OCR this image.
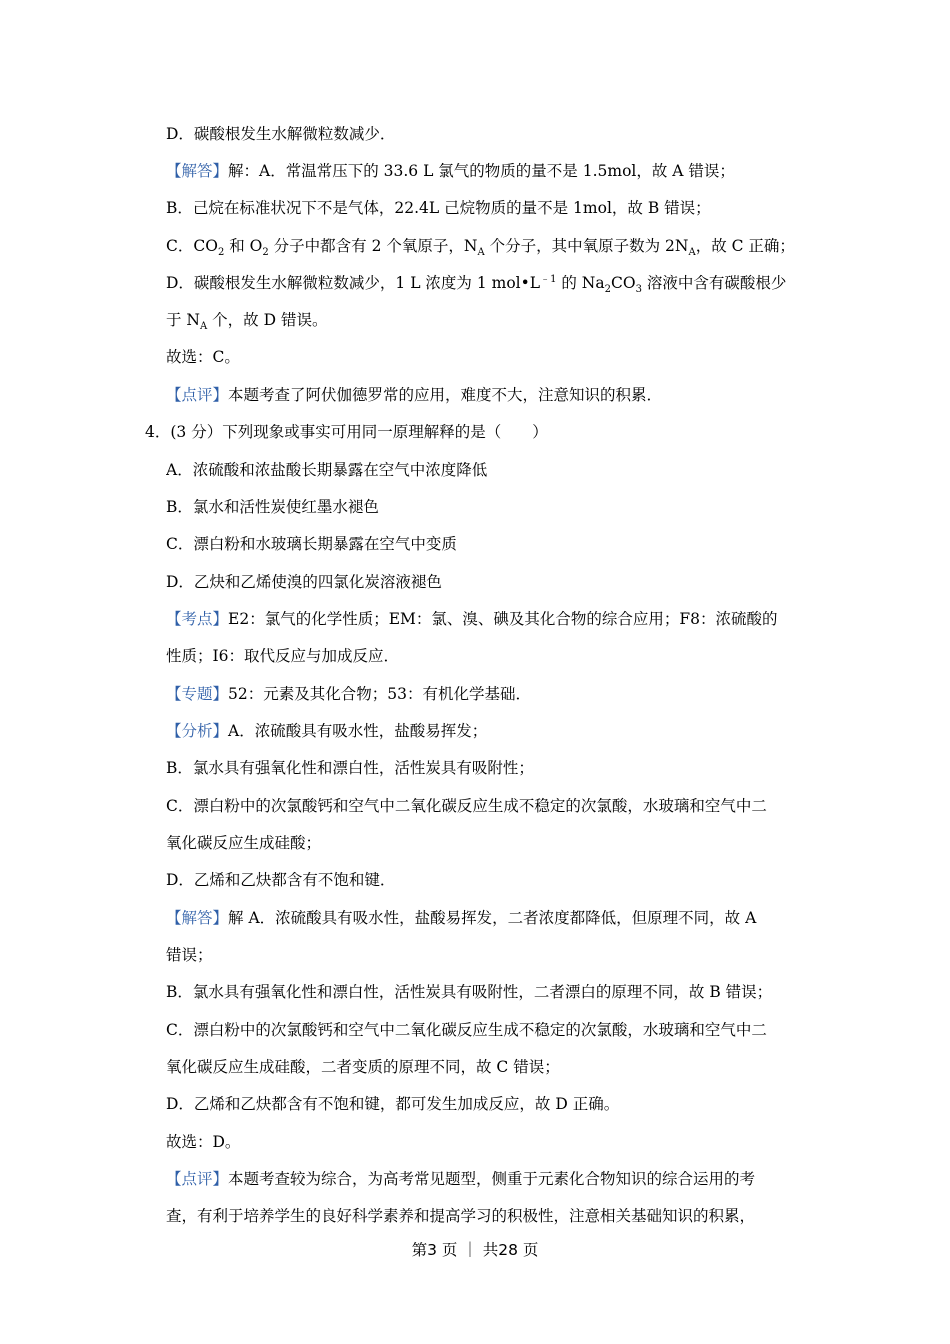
D．碳酸根发生水解微粒数减少．
【解答】解：A．常温常压下的 33.6 L 氯气的物质的量不是 1.5mol，故 A 错误；
B．己烷在标准状况下不是气体，22.4L 己烷物质的量不是 1mol，故 B 错误；
C．$CO_2$ 和 $O_2$ 分子中都含有 2 个氧原子，$N_A$ 个分子，其中氧原子数为 $2N_A$，故 C 正确；
D．碳酸根发生水解微粒数减少，1 L 浓度为 1 $mol•L^{﹣1}$ 的 $Na_2CO_3$ 溶液中含有碳酸根少
于 $N_A$ 个，故 D 错误。
故选：C。
【点评】本题考查了阿伏伽德罗常的应用，难度不大，注意知识的积累．
4．(3 分）下列现象或事实可用同一原理解释的是（　　）
A．浓硫酸和浓盐酸长期暴露在空气中浓度降低
B．氯水和活性炭使红墨水褪色
C．漂白粉和水玻璃长期暴露在空气中变质
D．乙炔和乙烯使溴的四氯化炭溶液褪色
【考点】E2：氯气的化学性质；EM：氯、溴、碘及其化合物的综合应用；F8：浓硫酸的
性质；I6：取代反应与加成反应．
【专题】52：元素及其化合物；53：有机化学基础．
【分析】A．浓硫酸具有吸水性，盐酸易挥发；
B．氯水具有强氧化性和漂白性，活性炭具有吸附性；
C．漂白粉中的次氯酸钙和空气中二氧化碳反应生成不稳定的次氯酸，水玻璃和空气中二
氧化碳反应生成硅酸；
D．乙烯和乙炔都含有不饱和键．
【解答】解 A．浓硫酸具有吸水性，盐酸易挥发，二者浓度都降低，但原理不同，故 A
错误；
B．氯水具有强氧化性和漂白性，活性炭具有吸附性，二者漂白的原理不同，故 B 错误；
C．漂白粉中的次氯酸钙和空气中二氧化碳反应生成不稳定的次氯酸，水玻璃和空气中二
氧化碳反应生成硅酸，二者变质的原理不同，故 C 错误；
D．乙烯和乙炔都含有不饱和键，都可发生加成反应，故 D 正确。
故选：D。
【点评】本题考查较为综合，为高考常见题型，侧重于元素化合物知识的综合运用的考
查，有利于培养学生的良好科学素养和提高学习的积极性，注意相关基础知识的积累，
第3 页 ｜ 共28 页
